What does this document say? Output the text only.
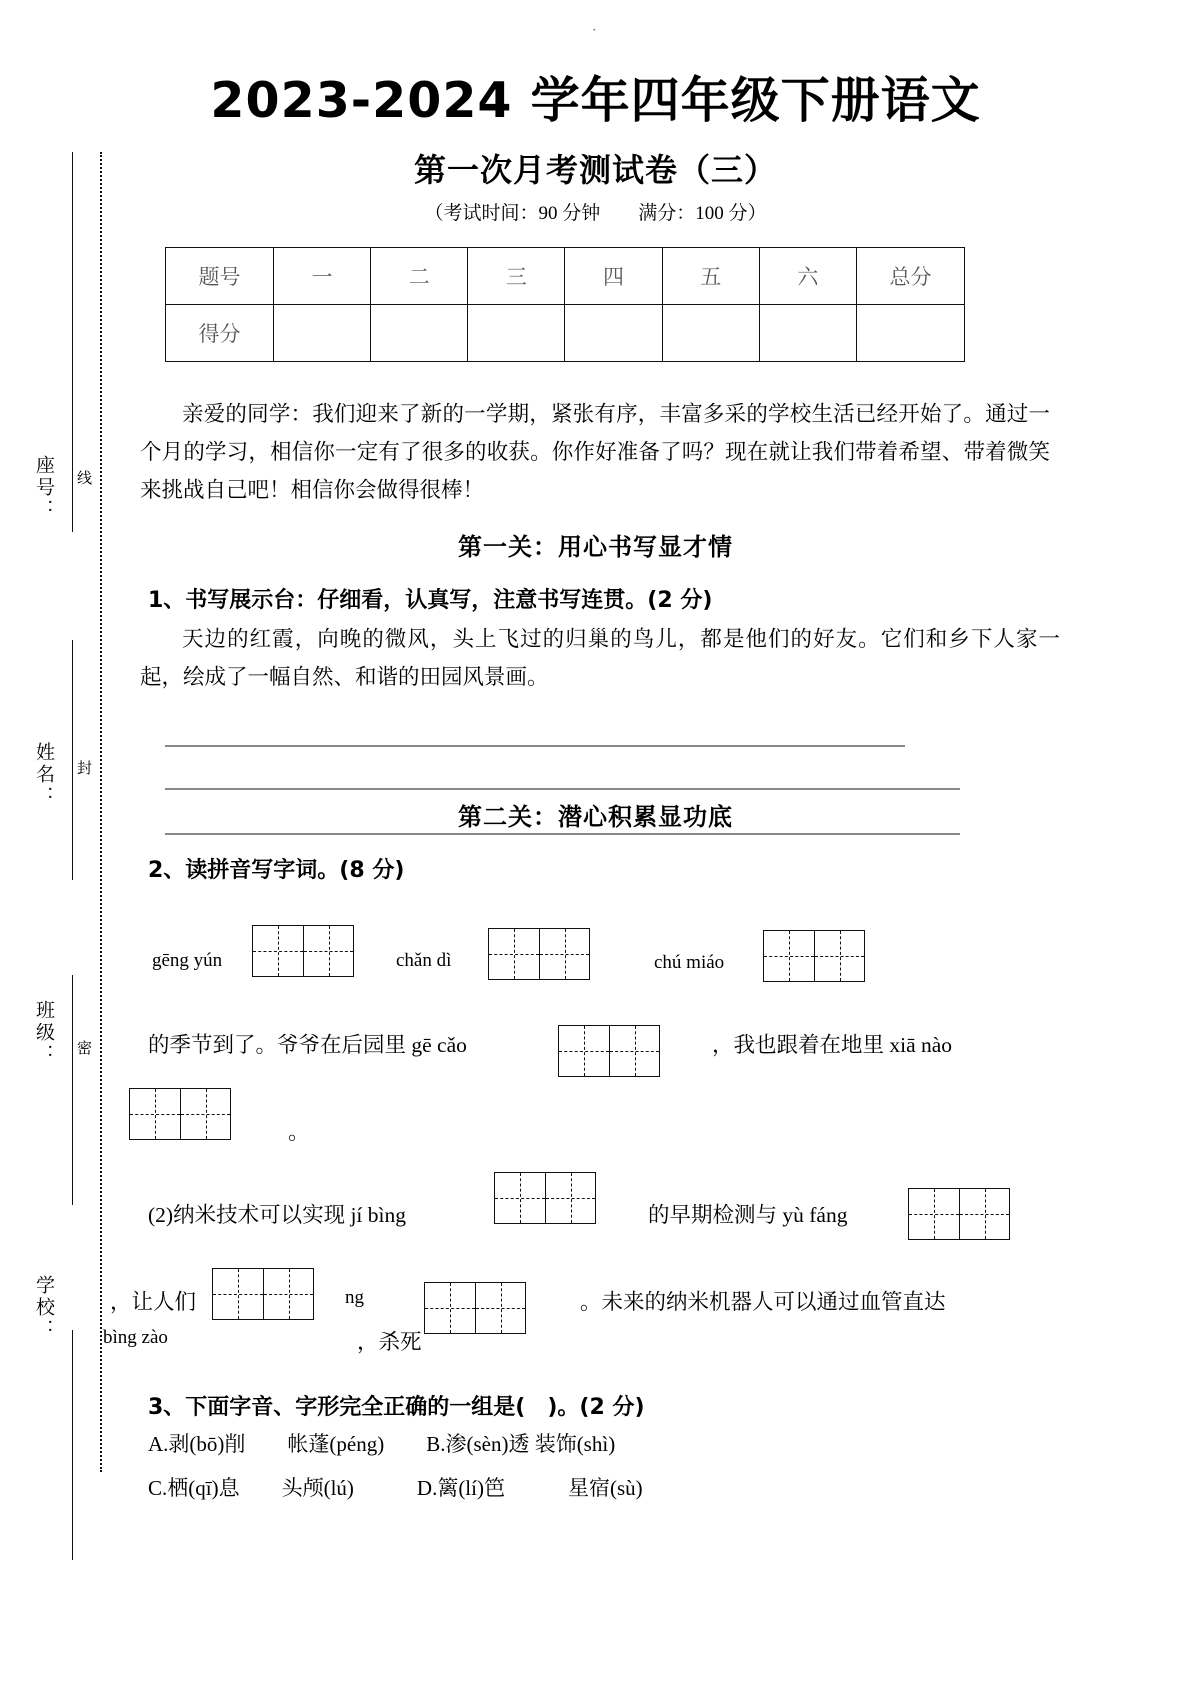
座号：
姓名：
班级：
学校：
线
封
密
·
2023-2024 学年四年级下册语文
第一次月考测试卷（三）
（考试时间：90 分钟　　满分：100 分）
题号	一	二	三	四	五	六	总分
得分							
亲爱的同学：我们迎来了新的一学期，紧张有序，丰富多采的学校生活已经开始了。通过一个月的学习，相信你一定有了很多的收获。你作好准备了吗？现在就让我们带着希望、带着微笑来挑战自己吧！相信你会做得很棒！
第一关：用心书写显才情
1、书写展示台：仔细看，认真写，注意书写连贯。(2 分)
天边的红霞，向晚的微风，头上飞过的归巢的鸟儿，都是他们的好友。它们和乡下人家一起，绘成了一幅自然、和谐的田园风景画。
第二关：潜心积累显功底
2、读拼音写字词。(8 分)
gēng yún	chǎn dì	chú miáo
的季节到了。爷爷在后园里 gē cǎo	，我也跟着在地里 xiā nào
。
(2)纳米技术可以实现 jí bìng	的早期检测与 yù fáng
，让人们	ng	。未来的纳米机器人可以通过血管直达
bìng zào	，杀死
3、下面字音、字形完全正确的一组是(　)。(2 分)
A.剥(bō)削　　帐蓬(péng)　　B.渗(sèn)透 装饰(shì)
C.栖(qī)息　　头颅(lú)　　　D.篱(lí)笆　　　星宿(sù)
